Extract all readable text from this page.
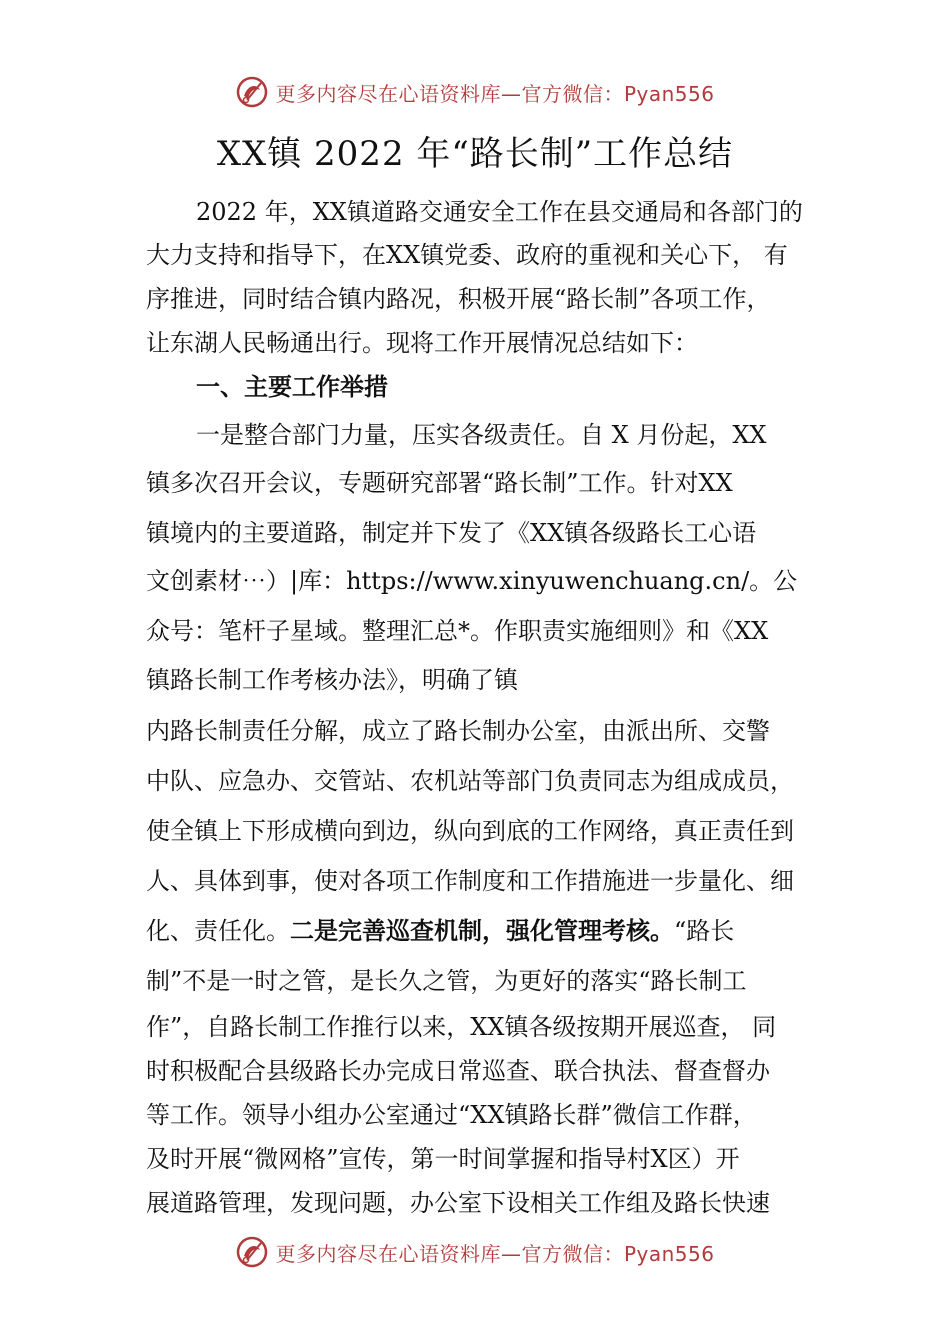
更多内容尽在心语资料库—官方微信：Pyan556
XX镇 2022 年“路长制”工作总结
2022 年，XX镇道路交通安全工作在县交通局和各部门的
大力支持和指导下，在XX镇党委、政府的重视和关心下， 有
序推进，同时结合镇内路况，积极开展“路长制”各项工作，
让东湖人民畅通出行。现将工作开展情况总结如下：
一、主要工作举措
一是整合部门力量，压实各级责任。自 X 月份起，XX
镇多次召开会议，专题研究部署“路长制”工作。针对XX
镇境内的主要道路，制定并下发了《XX镇各级路长工心语
文创素材⋯）|库：https://www.xinyuwenchuang.cn/。公
众号：笔杆子星域。整理汇总*。作职责实施细则》和《XX
镇路长制工作考核办法》，明确了镇
内路长制责任分解，成立了路长制办公室，由派出所、交警
中队、应急办、交管站、农机站等部门负责同志为组成成员，
使全镇上下形成横向到边，纵向到底的工作网络，真正责任到
人、具体到事，使对各项工作制度和工作措施进一步量化、细
化、责任化。二是完善巡查机制，强化管理考核。“路长
制”不是一时之管，是长久之管，为更好的落实“路长制工
作”，自路长制工作推行以来，XX镇各级按期开展巡查， 同
时积极配合县级路长办完成日常巡查、联合执法、督查督办
等工作。领导小组办公室通过“XX镇路长群”微信工作群，
及时开展“微网格”宣传，第一时间掌握和指导村Ⅹ区）开
展道路管理，发现问题，办公室下设相关工作组及路长快速
更多内容尽在心语资料库—官方微信：Pyan556
